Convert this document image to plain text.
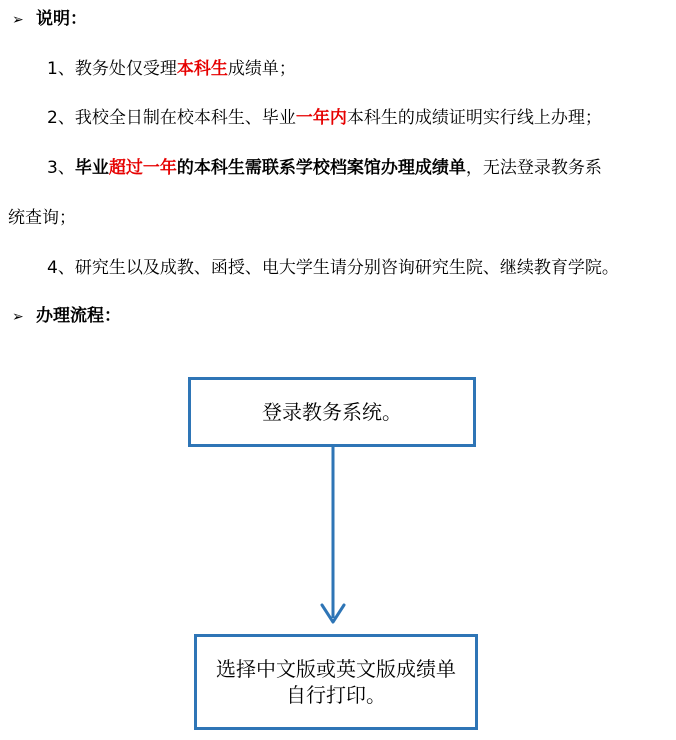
➢ 说明：
1、教务处仅受理本科生成绩单；
2、我校全日制在校本科生、毕业一年内本科生的成绩证明实行线上办理；
3、毕业超过一年的本科生需联系学校档案馆办理成绩单，无法登录教务系
统查询；
4、研究生以及成教、函授、电大学生请分别咨询研究生院、继续教育学院。
➢ 办理流程：
登录教务系统。
选择中文版或英文版成绩单
自行打印。
